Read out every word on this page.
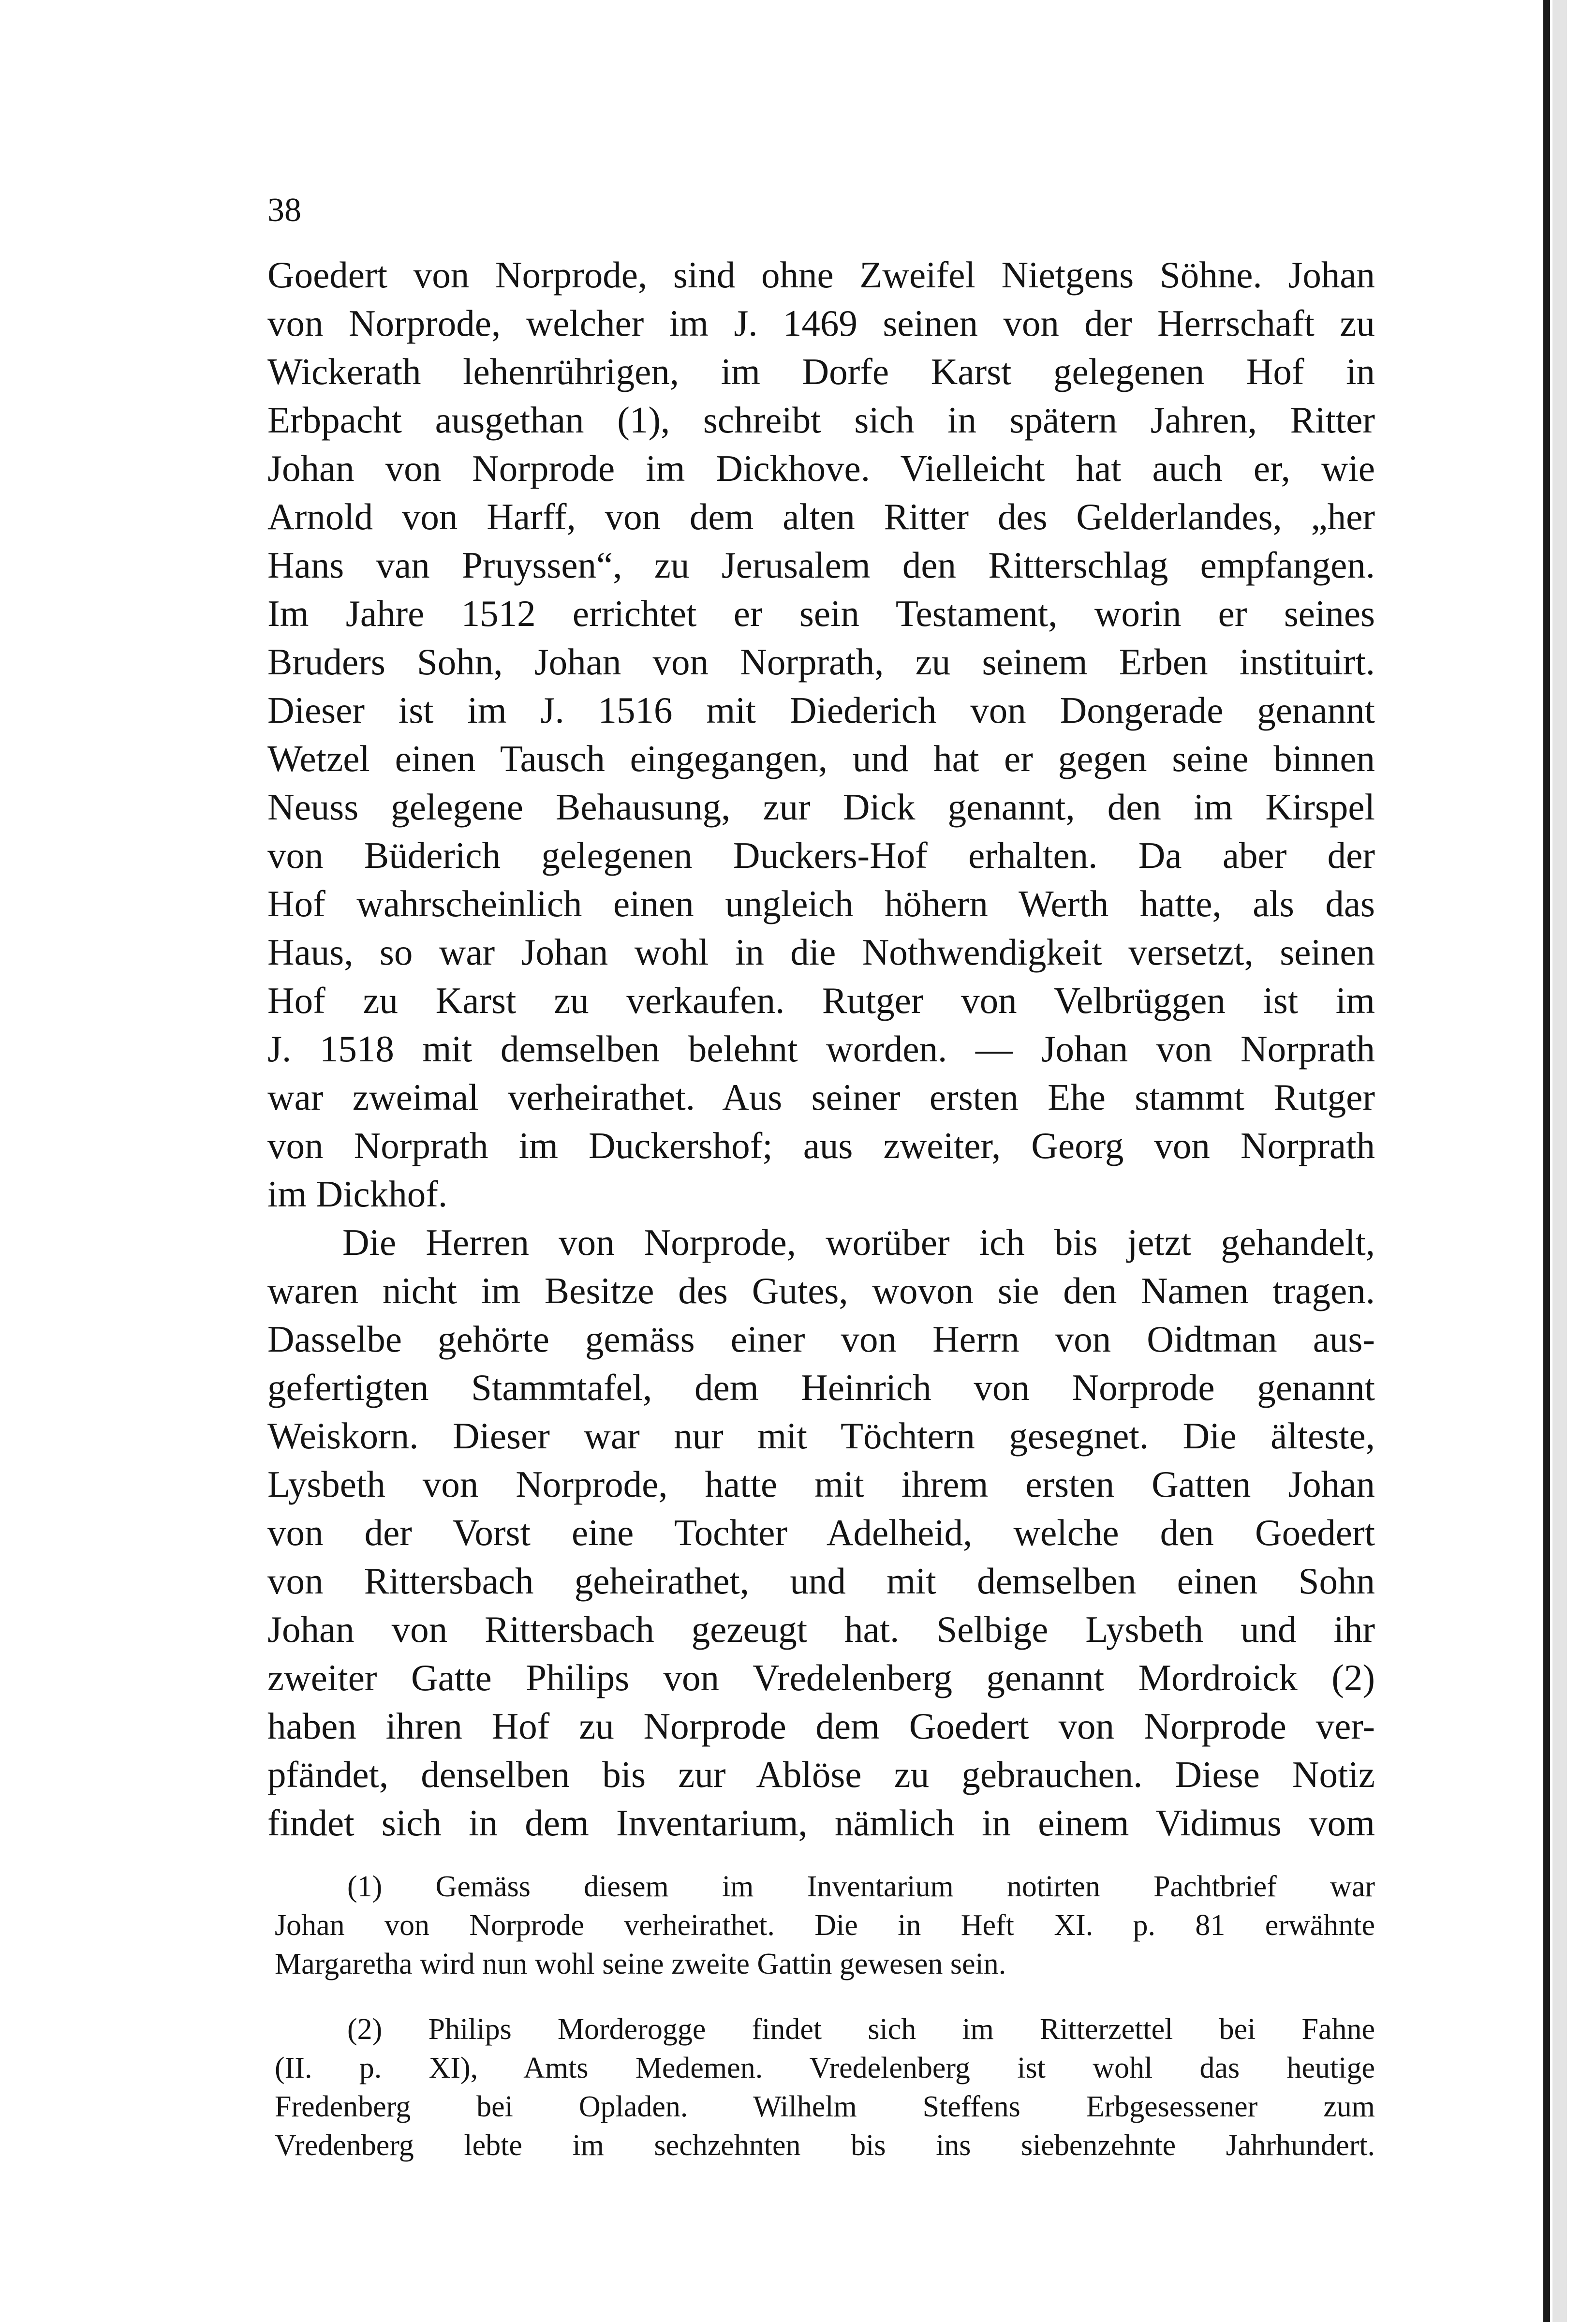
38
Goedert von Norprode, sind ohne Zweifel Nietgens Söhne. Johan
von Norprode, welcher im J. 1469 seinen von der Herrschaft zu
Wickerath lehenrührigen, im Dorfe Karst gelegenen Hof in
Erbpacht ausgethan (1), schreibt sich in spätern Jahren, Ritter
Johan von Norprode im Dickhove. Vielleicht hat auch er, wie
Arnold von Harff, von dem alten Ritter des Gelderlandes, „her
Hans van Pruyssen“, zu Jerusalem den Ritterschlag empfangen.
Im Jahre 1512 errichtet er sein Testament, worin er seines
Bruders Sohn, Johan von Norprath, zu seinem Erben instituirt.
Dieser ist im J. 1516 mit Diederich von Dongerade genannt
Wetzel einen Tausch eingegangen, und hat er gegen seine binnen
Neuss gelegene Behausung, zur Dick genannt, den im Kirspel
von Büderich gelegenen Duckers-Hof erhalten. Da aber der
Hof wahrscheinlich einen ungleich höhern Werth hatte, als das
Haus, so war Johan wohl in die Nothwendigkeit versetzt, seinen
Hof zu Karst zu verkaufen. Rutger von Velbrüggen ist im
J. 1518 mit demselben belehnt worden. — Johan von Norprath
war zweimal verheirathet. Aus seiner ersten Ehe stammt Rutger
von Norprath im Duckershof; aus zweiter, Georg von Norprath
im Dickhof.
Die Herren von Norprode, worüber ich bis jetzt gehandelt,
waren nicht im Besitze des Gutes, wovon sie den Namen tragen.
Dasselbe gehörte gemäss einer von Herrn von Oidtman aus-
gefertigten Stammtafel, dem Heinrich von Norprode genannt
Weiskorn. Dieser war nur mit Töchtern gesegnet. Die älteste,
Lysbeth von Norprode, hatte mit ihrem ersten Gatten Johan
von der Vorst eine Tochter Adelheid, welche den Goedert
von Rittersbach geheirathet, und mit demselben einen Sohn
Johan von Rittersbach gezeugt hat. Selbige Lysbeth und ihr
zweiter Gatte Philips von Vredelenberg genannt Mordroick (2)
haben ihren Hof zu Norprode dem Goedert von Norprode ver-
pfändet, denselben bis zur Ablöse zu gebrauchen. Diese Notiz
findet sich in dem Inventarium, nämlich in einem Vidimus vom
(1) Gemäss diesem im Inventarium notirten Pachtbrief war
Johan von Norprode verheirathet. Die in Heft XI. p. 81 erwähnte
Margaretha wird nun wohl seine zweite Gattin gewesen sein.
(2) Philips Morderogge findet sich im Ritterzettel bei Fahne
(II. p. XI), Amts Medemen. Vredelenberg ist wohl das heutige
Fredenberg bei Opladen. Wilhelm Steffens Erbgesessener zum
Vredenberg lebte im sechzehnten bis ins siebenzehnte Jahrhundert.
